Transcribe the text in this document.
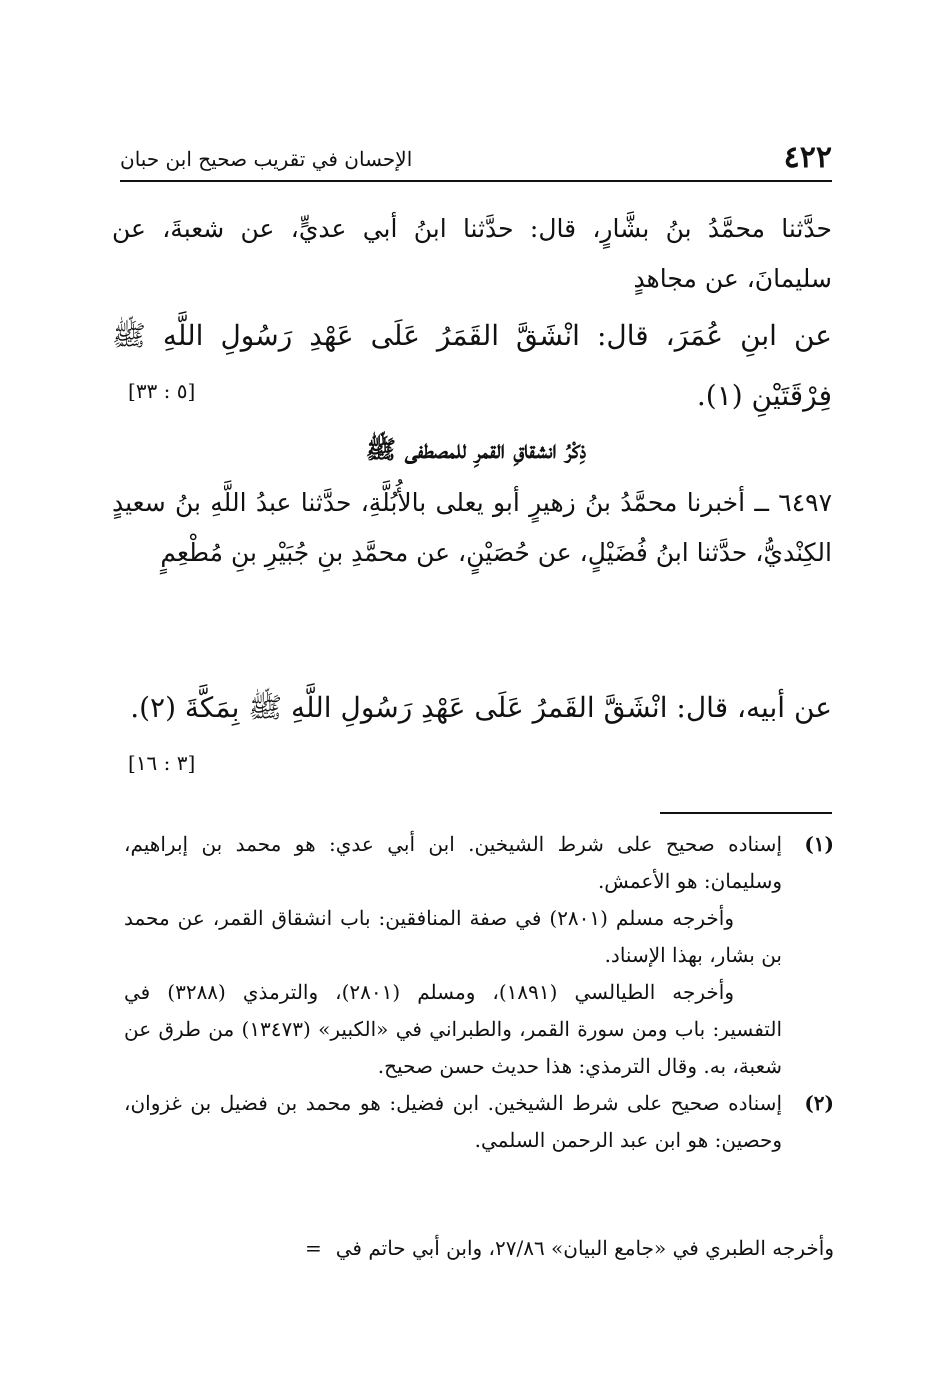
٤٢٢
الإحسان في تقريب صحيح ابن حبان
حدَّثنا محمَّدُ بنُ بشَّارٍ، قال: حدَّثنا ابنُ أبي عديٍّ، عن شعبةَ، عن سليمانَ، عن مجاهدٍ
عن ابنِ عُمَرَ، قال: انْشَقَّ القَمَرُ عَلَى عَهْدِ رَسُولِ اللَّهِ ﷺ فِرْقَتَيْنِ (١).
[٥ : ٣٣]
ذِكْرُ انشقاقِ القمرِ للمصطفى ﷺ
٦٤٩٧ ــ أخبرنا محمَّدُ بنُ زهيرٍ أبو يعلى بالأُبُلَّةِ، حدَّثنا عبدُ اللَّهِ بنُ سعيدٍ الكِنْديُّ، حدَّثنا ابنُ فُضَيْلٍ، عن حُصَيْنٍ، عن محمَّدِ بنِ جُبَيْرِ بنِ مُطْعِمٍ
عن أبيه، قال: انْشَقَّ القَمرُ عَلَى عَهْدِ رَسُولِ اللَّهِ ﷺ بِمَكَّةَ (٢).
[٣ : ١٦]
(١)

إسناده صحيح على شرط الشيخين. ابن أبي عدي: هو محمد بن إبراهيم، وسليمان: هو الأعمش.

وأخرجه مسلم (٢٨٠١) في صفة المنافقين: باب انشقاق القمر، عن محمد بن بشار، بهذا الإسناد.

وأخرجه الطيالسي (١٨٩١)، ومسلم (٢٨٠١)، والترمذي (٣٢٨٨) في التفسير: باب ومن سورة القمر، والطبراني في «الكبير» (١٣٤٧٣) من طرق عن شعبة، به. وقال الترمذي: هذا حديث حسن صحيح.

(٢)

إسناده صحيح على شرط الشيخين. ابن فضيل: هو محمد بن فضيل بن غزوان، وحصين: هو ابن عبد الرحمن السلمي.

وأخرجه الطبري في «جامع البيان» ٢٧/٨٦، وابن أبي حاتم في=
